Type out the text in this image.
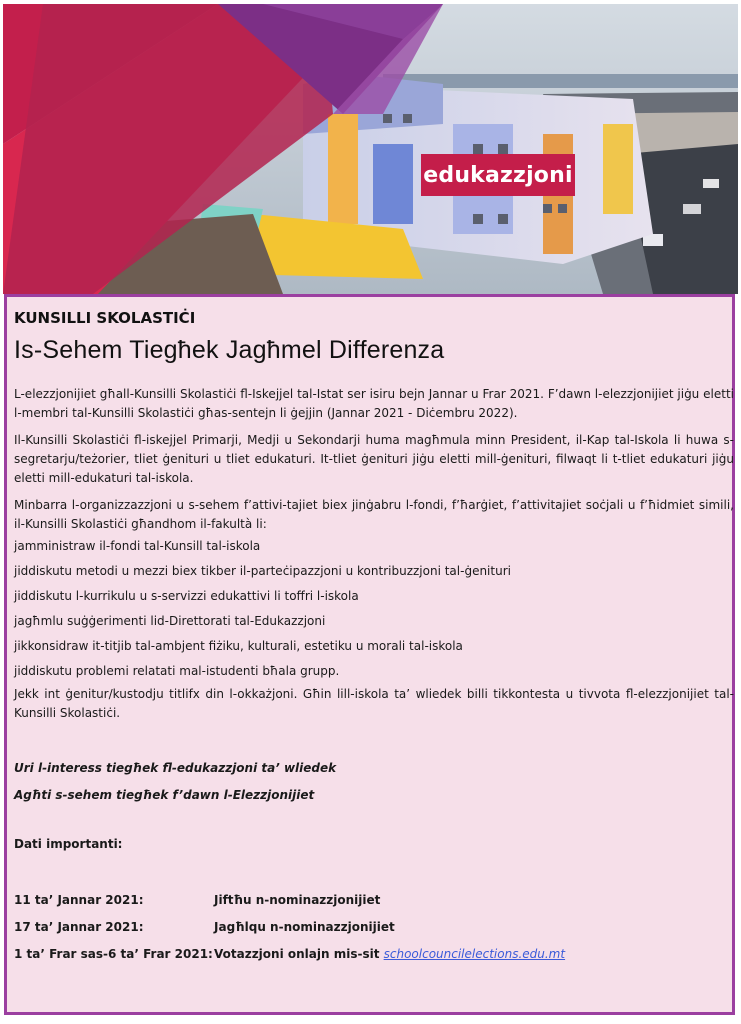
edukazzjoni
KUNSILLI SKOLASTIĊI
Is-Sehem Tiegħek Jagħmel Differenza

L-elezzjonijiet għall-Kunsilli Skolastiċi fl-Iskejjel tal-Istat ser isiru bejn Jannar u Frar 2021. F’dawn l-elezzjonijiet jiġu eletti l-membri tal-Kunsilli Skolastiċi għas-sentejn li ġejjin (Jannar 2021 - Diċembru 2022).

Il-Kunsilli Skolastiċi fl-iskejjel Primarji, Medji u Sekondarji huma magħmula minn President, il-Kap tal-Iskola li huwa s-segretarju/teżorier, tliet ġenituri u tliet edukaturi. It-tliet ġenituri jiġu eletti mill-ġenituri, filwaqt li t-tliet edukaturi jiġu eletti mill-edukaturi tal-iskola.

Minbarra l-organizzazzjoni u s-sehem f’attivi-tajiet biex jinġabru l-fondi, f’ħarġiet, f’attivitajiet soċjali u f’ħidmiet simili, il-Kunsilli Skolastiċi għandhom il-fakultà li:

jamministraw il-fondi tal-Kunsill tal-iskola
jiddiskutu metodi u mezzi biex tikber il-parteċipazzjoni u kontribuzzjoni tal-ġenituri
jiddiskutu l-kurrikulu u s-servizzi edukattivi li toffri l-iskola
jagħmlu suġġerimenti lid-Direttorati tal-Edukazzjoni
jikkonsidraw it-titjib tal-ambjent fiżiku, kulturali, estetiku u morali tal-iskola
jiddiskutu problemi relatati mal-istudenti bħala grupp.

Jekk int ġenitur/kustodju titlifx din l-okkażjoni. Għin lill-iskola ta’ wliedek billi tikkontesta u tivvota fl-elezzjonijiet tal-Kunsilli Skolastiċi.

Uri l-interess tiegħek fl-edukazzjoni ta’ wliedek

Agħti s-sehem tiegħek f’dawn l-Elezzjonijiet

Dati importanti:
11 ta’ Jannar 2021:	Jiftħu n-nominazzjonijiet
17 ta’ Jannar 2021:	Jagħlqu n-nominazzjonijiet
1 ta’ Frar sas-6 ta’ Frar 2021: Votazzjoni onlajn mis-sit schoolcouncilelections.edu.mt
